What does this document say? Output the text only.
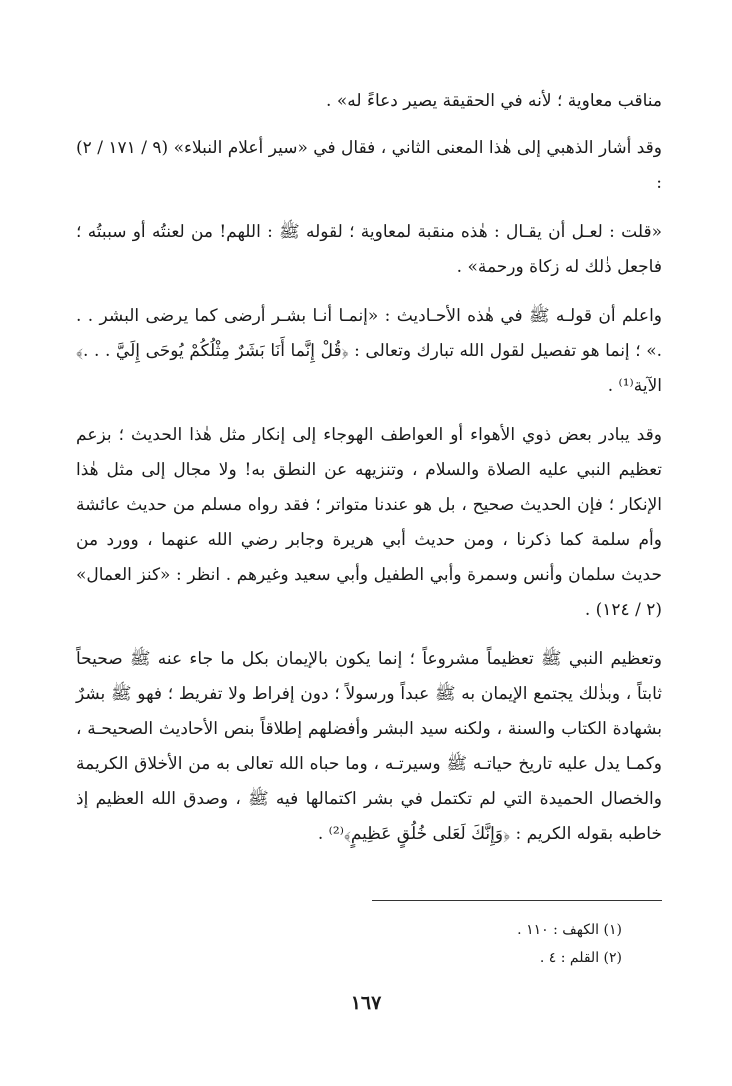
مناقب معاوية ؛ لأنه في الحقيقة يصير دعاءً له» .

وقد أشار الذهبي إلى هٰذا المعنى الثاني ، فقال في «سير أعلام النبلاء» (٩ / ١٧١ / ٢) :

«قلت : لعـل أن يقـال : هٰذه منقبة لمعاوية ؛ لقوله ﷺ : اللهم! من لعنتُه أو سببتُه ؛ فاجعل ذٰلك له زكاة ورحمة» .

واعلم أن قولـه ﷺ في هٰذه الأحـاديث : «إنمـا أنـا بشـر أرضى كما يرضى البشر . . .» ؛ إنما هو تفصيل لقول الله تبارك وتعالى : ﴿قُلْ إِنَّما أَنَا بَشَرٌ مِثْلُكُمْ يُوحَى إِلَيَّ . . .﴾ الآية⁽¹⁾ .

وقد يبادر بعض ذوي الأهواء أو العواطف الهوجاء إلى إنكار مثل هٰذا الحديث ؛ بزعم تعظيم النبي عليه الصلاة والسلام ، وتنزيهه عن النطق به! ولا مجال إلى مثل هٰذا الإنكار ؛ فإن الحديث صحيح ، بل هو عندنا متواتر ؛ فقد رواه مسلم من حديث عائشة وأم سلمة كما ذكرنا ، ومن حديث أبي هريرة وجابر رضي الله عنهما ، وورد من حديث سلمان وأنس وسمرة وأبي الطفيل وأبي سعيد وغيرهم . انظر : «كنز العمال» (٢ / ١٢٤) .

وتعظيم النبي ﷺ تعظيماً مشروعاً ؛ إنما يكون بالإيمان بكل ما جاء عنه ﷺ صحيحاً ثابتاً ، وبذٰلك يجتمع الإيمان به ﷺ عبداً ورسولاً ؛ دون إفراط ولا تفريط ؛ فهو ﷺ بشرٌ بشهادة الكتاب والسنة ، ولكنه سيد البشر وأفضلهم إطلاقاً بنص الأحاديث الصحيحـة ، وكمـا يدل عليه تاريخ حياتـه ﷺ وسيرتـه ، وما حباه الله تعالى به من الأخلاق الكريمة والخصال الحميدة التي لم تكتمل في بشر اكتمالها فيه ﷺ ، وصدق الله العظيم إذ خاطبه بقوله الكريم : ﴿وَإِنَّكَ لَعَلى خُلُقٍ عَظِيمٍ﴾⁽²⁾ .

(١) الكهف : ١١٠ .

(٢) القلم : ٤ .

١٦٧
